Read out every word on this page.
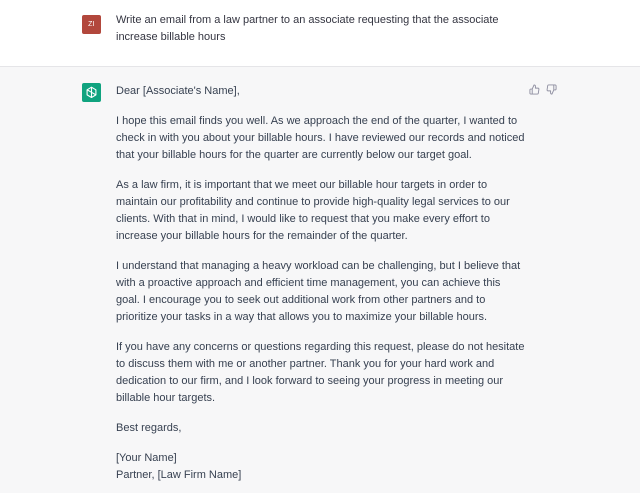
ZI	Write an email from a law partner to an associate requesting that the associate increase billable hours

Dear [Associate's Name],

I hope this email finds you well. As we approach the end of the quarter, I wanted to check in with you about your billable hours. I have reviewed our records and noticed that your billable hours for the quarter are currently below our target goal.

As a law firm, it is important that we meet our billable hour targets in order to maintain our profitability and continue to provide high-quality legal services to our clients. With that in mind, I would like to request that you make every effort to increase your billable hours for the remainder of the quarter.

I understand that managing a heavy workload can be challenging, but I believe that with a proactive approach and efficient time management, you can achieve this goal. I encourage you to seek out additional work from other partners and to prioritize your tasks in a way that allows you to maximize your billable hours.

If you have any concerns or questions regarding this request, please do not hesitate to discuss them with me or another partner. Thank you for your hard work and dedication to our firm, and I look forward to seeing your progress in meeting our billable hour targets.

Best regards,

[Your Name]

Partner, [Law Firm Name]
